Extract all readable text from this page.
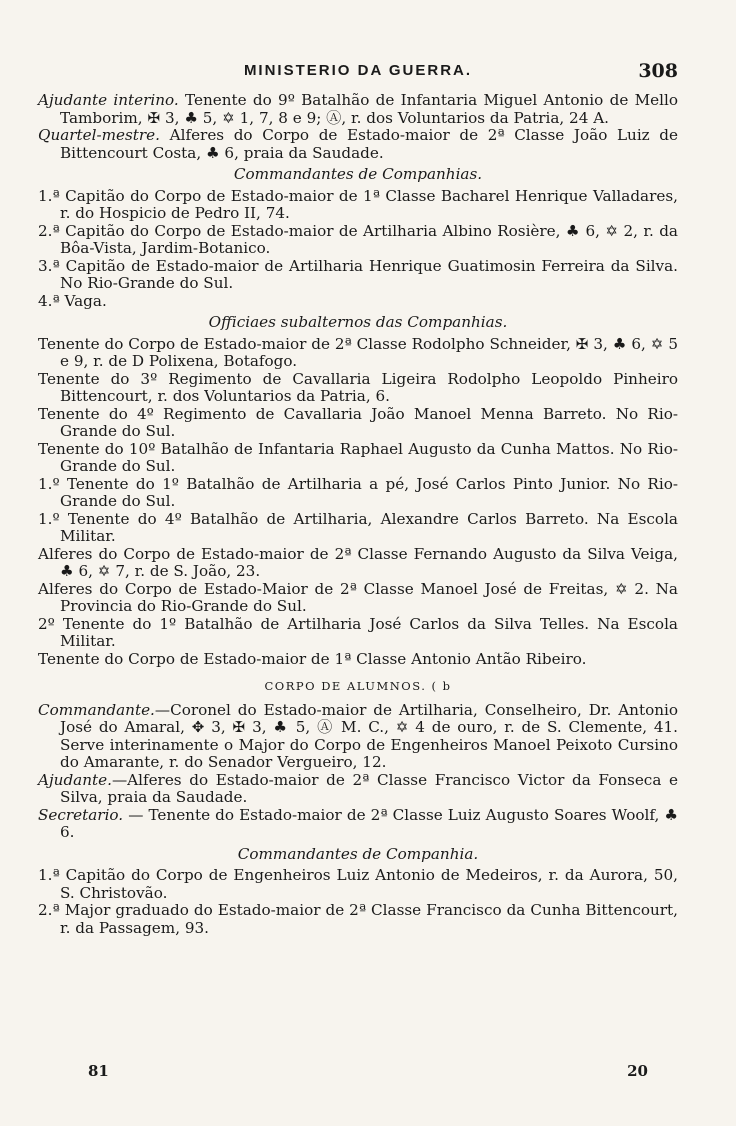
MINISTERIO DA GUERRA.	308

Ajudante interino. Tenente do 9º Batalhão de Infantaria Miguel Antonio de Mello Tamborim, ✠ 3, ♣ 5, ✡ 1, 7, 8 e 9; Ⓐ, r. dos Voluntarios da Patria, 24 A.

Quartel-mestre. Alferes do Corpo de Estado-maior de 2ª Classe João Luiz de Bittencourt Costa, ♣ 6, praia da Saudade.

Commandantes de Companhias.

1.ª Capitão do Corpo de Estado-maior de 1ª Classe Bacharel Henrique Valladares, r. do Hospicio de Pedro II, 74.

2.ª Capitão do Corpo de Estado-maior de Artilharia Albino Rosière, ♣ 6, ✡ 2, r. da Bôa-Vista, Jardim-Botanico.

3.ª Capitão de Estado-maior de Artilharia Henrique Guatimosin Ferreira da Silva. No Rio-Grande do Sul.

4.ª Vaga.

Officiaes subalternos das Companhias.

Tenente do Corpo de Estado-maior de 2ª Classe Rodolpho Schneider, ✠ 3, ♣ 6, ✡ 5 e 9, r. de D Polixena, Botafogo.

Tenente do 3º Regimento de Cavallaria Ligeira Rodolpho Leopoldo Pinheiro Bittencourt, r. dos Voluntarios da Patria, 6.

Tenente do 4º Regimento de Cavallaria João Manoel Menna Barreto. No Rio-Grande do Sul.

Tenente do 10º Batalhão de Infantaria Raphael Augusto da Cunha Mattos. No Rio-Grande do Sul.

1.º Tenente do 1º Batalhão de Artilharia a pé, José Carlos Pinto Junior. No Rio-Grande do Sul.

1.º Tenente do 4º Batalhão de Artilharia, Alexandre Carlos Barreto. Na Escola Militar.

Alferes do Corpo de Estado-maior de 2ª Classe Fernando Augusto da Silva Veiga, ♣ 6, ✡ 7, r. de S. João, 23.

Alferes do Corpo de Estado-Maior de 2ª Classe Manoel José de Freitas, ✡ 2. Na Provincia do Rio-Grande do Sul.

2º Tenente do 1º Batalhão de Artilharia José Carlos da Silva Telles. Na Escola Militar.

Tenente do Corpo de Estado-maior de 1ª Classe Antonio Antão Ribeiro.

CORPO DE ALUMNOS. ( b

Commandante.—Coronel do Estado-maior de Artilharia, Conselheiro, Dr. Antonio José do Amaral, ✥ 3, ✠ 3, ♣ 5, Ⓐ M. C., ✡ 4 de ouro, r. de S. Clemente, 41. Serve interinamente o Major do Corpo de Engenheiros Manoel Peixoto Cursino do Amarante, r. do Senador Vergueiro, 12.

Ajudante.—Alferes do Estado-maior de 2ª Classe Francisco Victor da Fonseca e Silva, praia da Saudade.

Secretario. — Tenente do Estado-maior de 2ª Classe Luiz Augusto Soares Woolf, ♣ 6.

Commandantes de Companhia.

1.ª Capitão do Corpo de Engenheiros Luiz Antonio de Medeiros, r. da Aurora, 50, S. Christovão.

2.ª Major graduado do Estado-maior de 2ª Classe Francisco da Cunha Bittencourt, r. da Passagem, 93.

81	20
